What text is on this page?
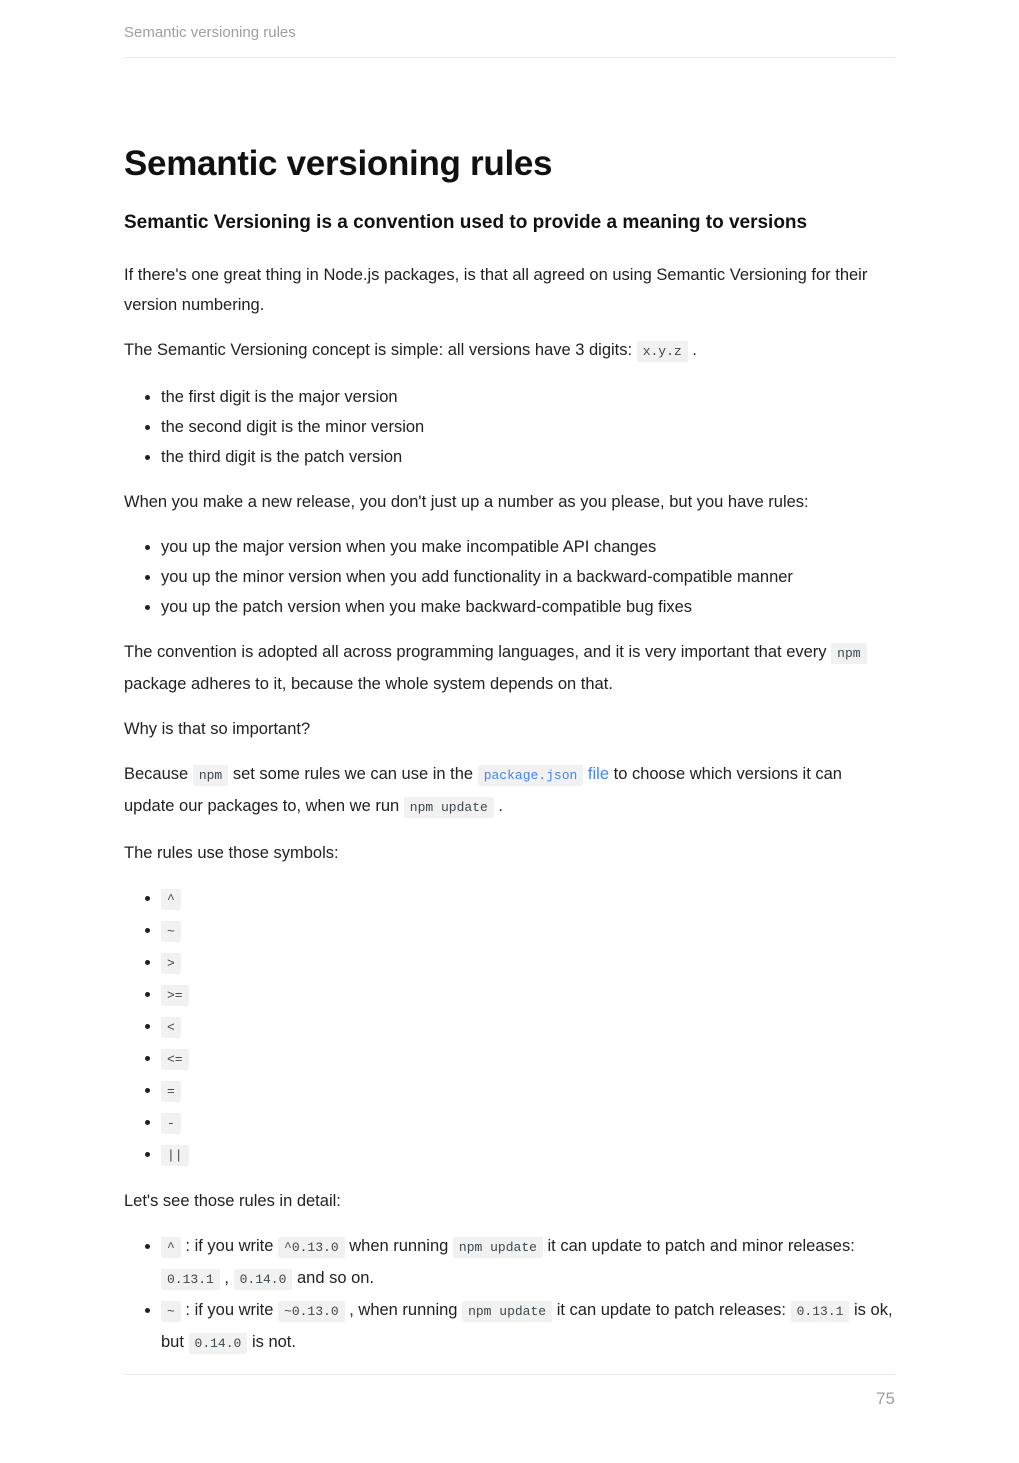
Semantic versioning rules
Semantic versioning rules
Semantic Versioning is a convention used to provide a meaning to versions

If there's one great thing in Node.js packages, is that all agreed on using Semantic Versioning for their version numbering.

The Semantic Versioning concept is simple: all versions have 3 digits: x.y.z .

• the first digit is the major version
• the second digit is the minor version
• the third digit is the patch version

When you make a new release, you don't just up a number as you please, but you have rules:

• you up the major version when you make incompatible API changes
• you up the minor version when you add functionality in a backward-compatible manner
• you up the patch version when you make backward-compatible bug fixes

The convention is adopted all across programming languages, and it is very important that every npm package adheres to it, because the whole system depends on that.

Why is that so important?

Because npm set some rules we can use in the package.json file to choose which versions it can update our packages to, when we run npm update .

The rules use those symbols:

• ^
• ~
• >
• >=
• <
• <=
• =
• -
• ||

Let's see those rules in detail:

• ^ : if you write ^0.13.0 when running npm update it can update to patch and minor releases: 0.13.1 , 0.14.0 and so on.
• ~ : if you write ~0.13.0 , when running npm update it can update to patch releases: 0.13.1 is ok, but 0.14.0 is not.
75
